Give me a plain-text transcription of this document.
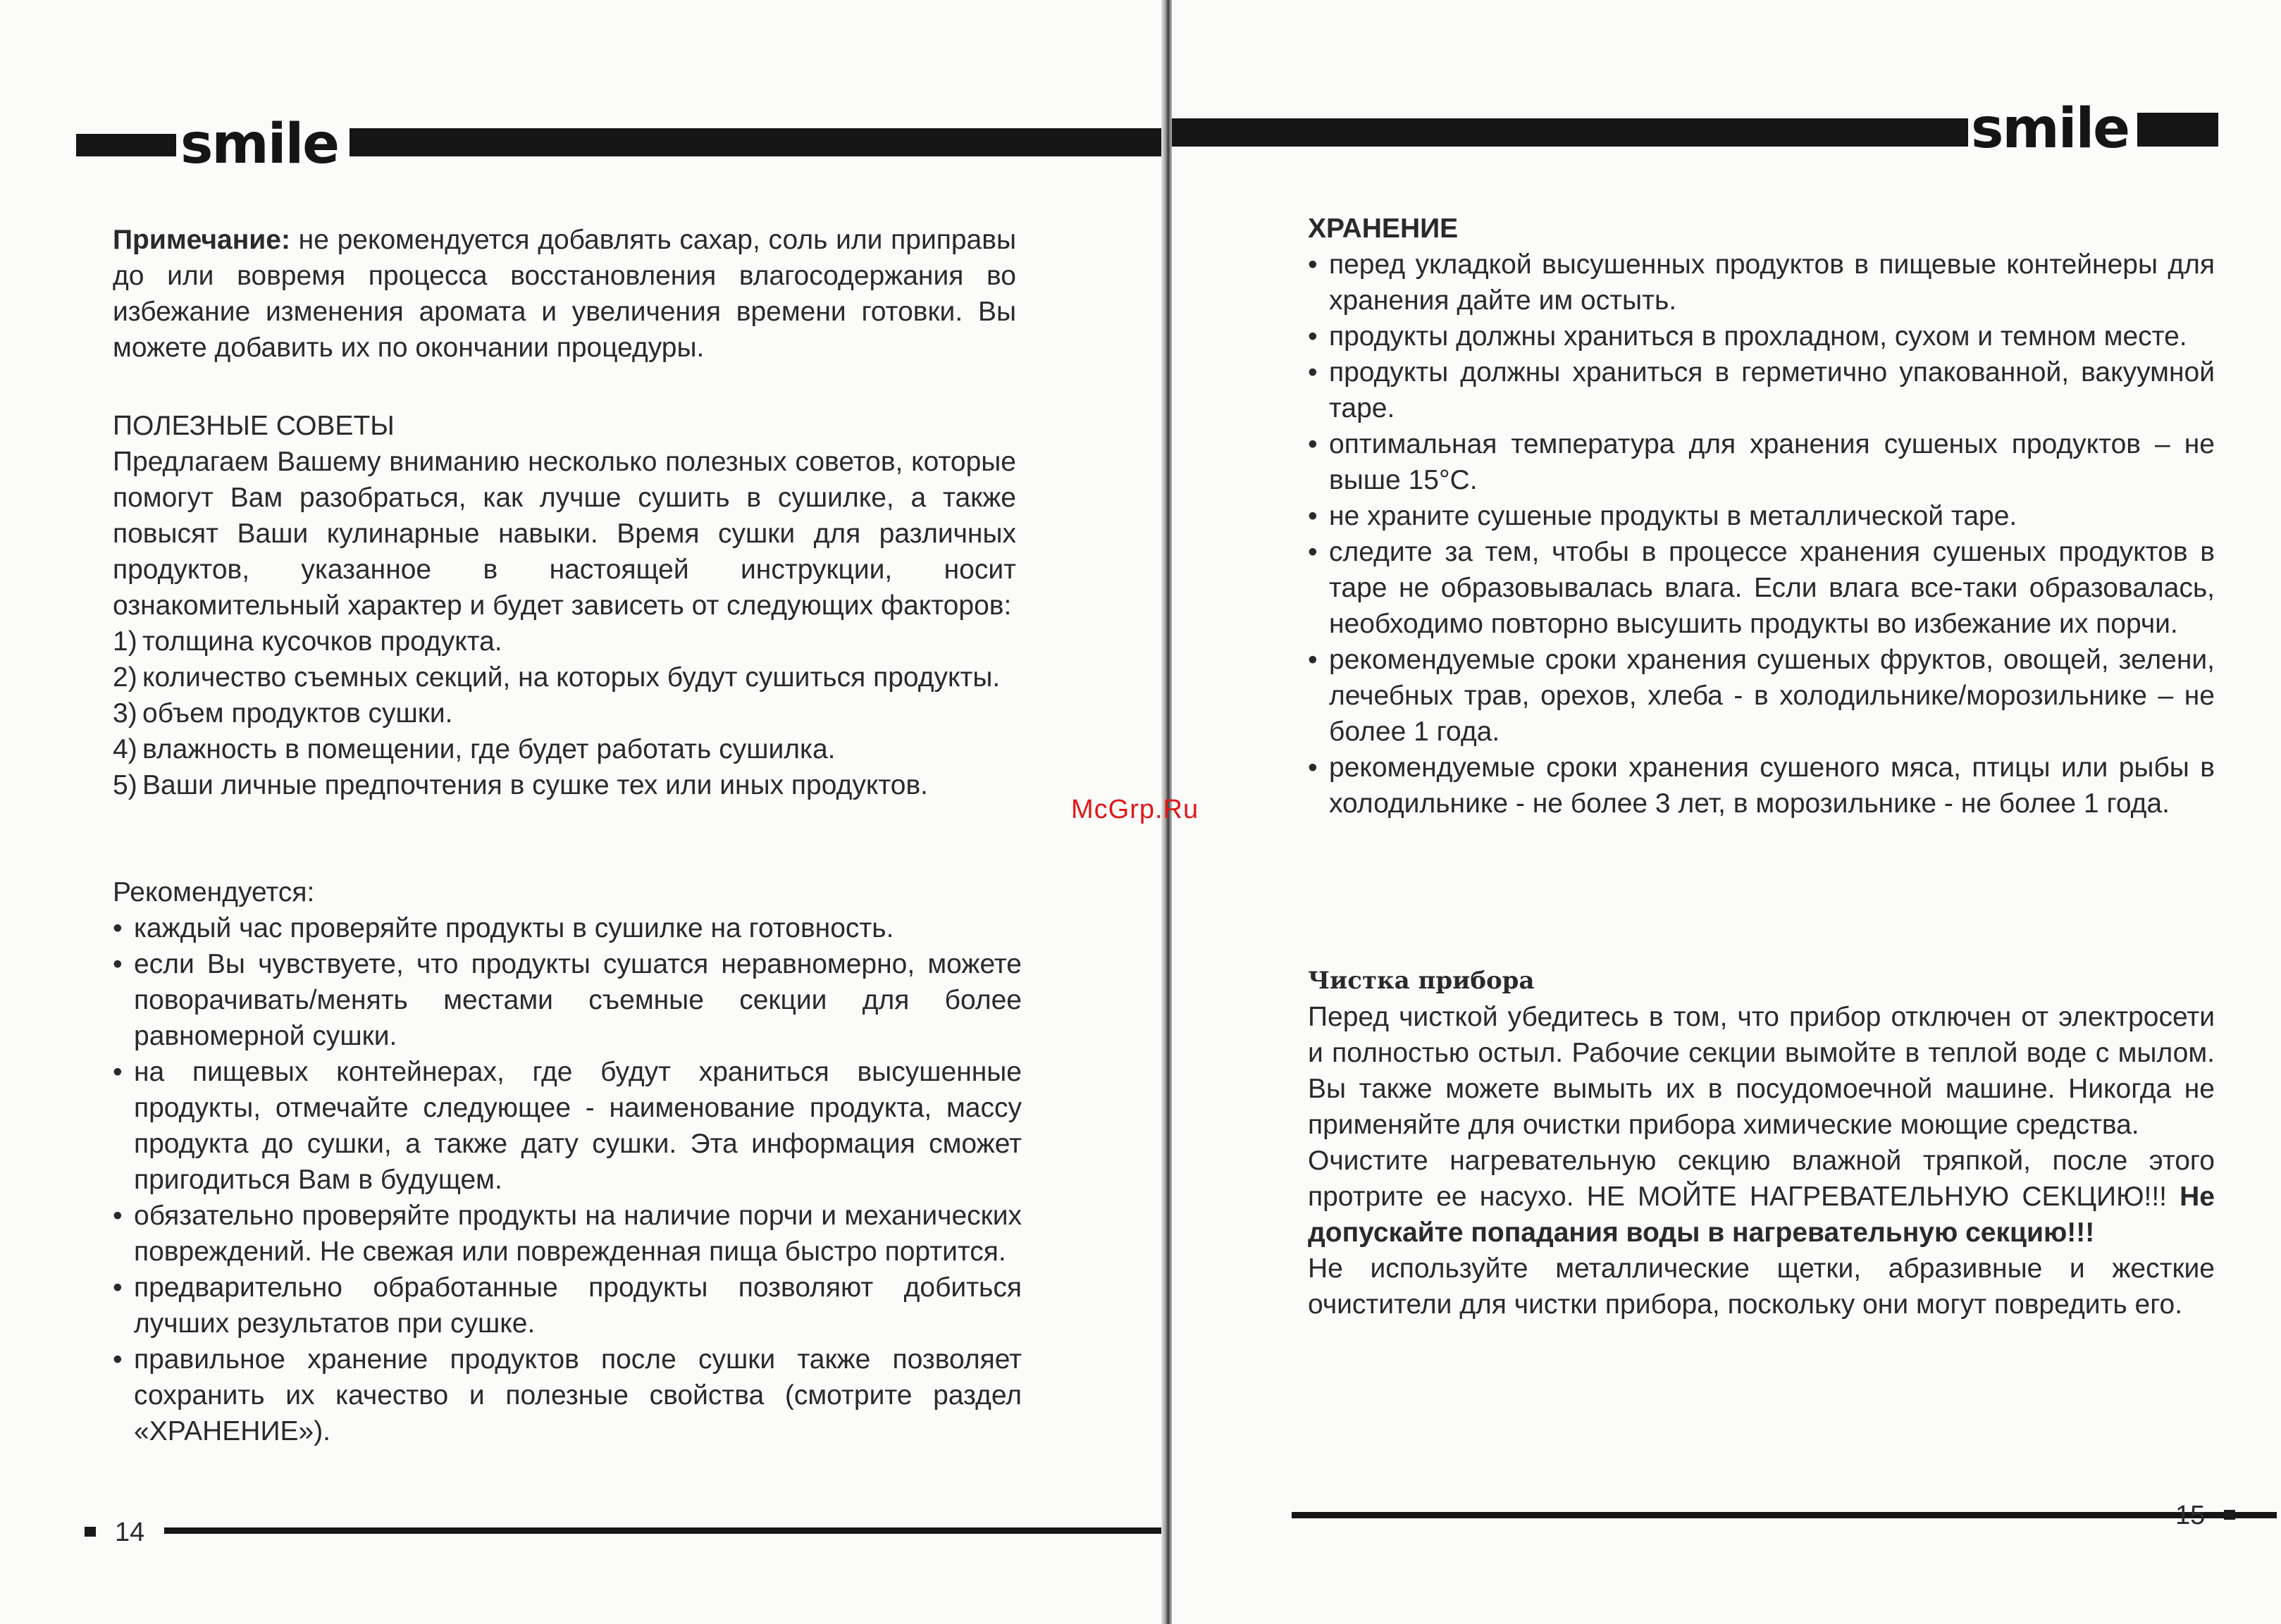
smile

Примечание: не рекомендуется добавлять сахар, соль или приправы до или вовремя процесса восстановления влагосодержания во избежание изменения аромата и увеличения времени готовки. Вы можете добавить их по окончании процедуры.

ПОЛЕЗНЫЕ СОВЕТЫ

Предлагаем Вашему вниманию несколько полезных советов, которые помогут Вам разобраться, как лучше сушить в сушилке, а также повысят Ваши кулинарные навыки. Время сушки для различных продуктов, указанное в настоящей инструкции, носит ознакомительный характер и будет зависеть от следующих факторов:

1) толщина кусочков продукта.
2) количество съемных секций, на которых будут сушиться продукты.
3) объем продуктов сушки.
4) влажность в помещении, где будет работать сушилка.
5) Ваши личные предпочтения в сушке тех или иных продуктов.

Рекомендуется:

• каждый час проверяйте продукты в сушилке на готовность.
• если Вы чувствуете, что продукты сушатся неравномерно, можете поворачивать/менять местами съемные секции для более равномерной сушки.
• на пищевых контейнерах, где будут храниться высушенные продукты, отмечайте следующее - наименование продукта, массу продукта до сушки, а также дату сушки. Эта информация сможет пригодиться Вам в будущем.
• обязательно проверяйте продукты на наличие порчи и механических повреждений. Не свежая или поврежденная пища быстро портится.
• предварительно обработанные продукты позволяют добиться лучших результатов при сушке.
• правильное хранение продуктов после сушки также позволяет сохранить их качество и полезные свойства (смотрите раздел «ХРАНЕНИЕ»).
14
smile

ХРАНЕНИЕ

• перед укладкой высушенных продуктов в пищевые контейнеры для хранения дайте им остыть.
• продукты должны храниться в прохладном, сухом и темном месте.
• продукты должны храниться в герметично упакованной, вакуумной таре.
• оптимальная температура для хранения сушеных продуктов – не выше 15°С.
• не храните сушеные продукты в металлической таре.
• следите за тем, чтобы в процессе хранения сушеных продуктов в таре не образовывалась влага. Если влага все-таки образовалась, необходимо повторно высушить продукты во избежание их порчи.
• рекомендуемые сроки хранения сушеных фруктов, овощей, зелени, лечебных трав, орехов, хлеба - в холодильнике/морозильнике – не более 1 года.
• рекомендуемые сроки хранения сушеного мяса, птицы или рыбы в холодильнике - не более 3 лет, в морозильнике - не более 1 года.

Чистка прибора

Перед чисткой убедитесь в том, что прибор отключен от электросети и полностью остыл. Рабочие секции вымойте в теплой воде с мылом. Вы также можете вымыть их в посудомоечной машине. Никогда не применяйте для очистки прибора химические моющие средства.

Очистите нагревательную секцию влажной тряпкой, после этого протрите ее насухо. НЕ МОЙТЕ НАГРЕВАТЕЛЬНУЮ СЕКЦИЮ!!! Не допускайте попадания воды в нагревательную секцию!!!

Не используйте металлические щетки, абразивные и жесткие очистители для чистки прибора, поскольку они могут повредить его.

15
McGrp.Ru
